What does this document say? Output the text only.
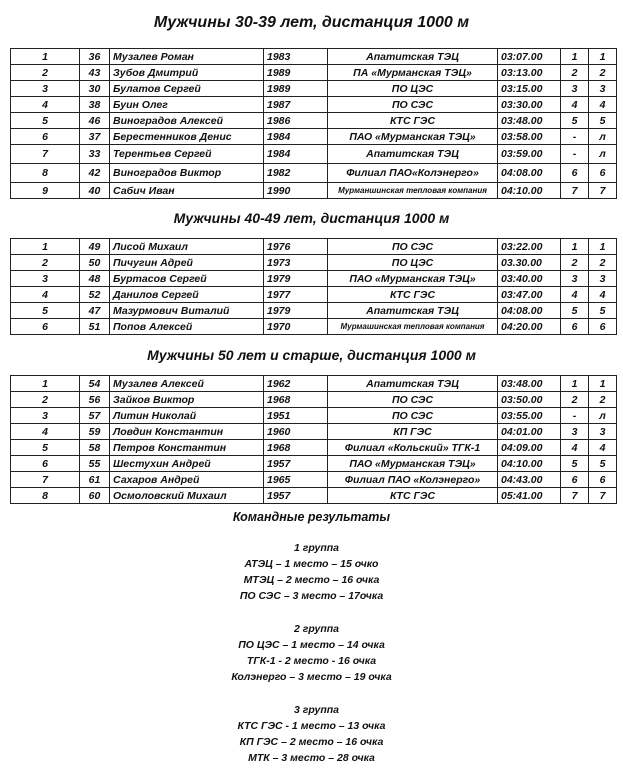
Мужчины 30-39 лет, дистанция 1000 м
Мужчины 40-49 лет, дистанция 1000 м
Мужчины 50 лет и старше, дистанция 1000 м
1	36	Музалев Роман	1983	Апатитская ТЭЦ	03:07.00	1	1
2	43	Зубов Дмитрий	1989	ПА «Мурманская ТЭЦ»	03:13.00	2	2
3	30	Булатов Сергей	1989	ПО ЦЭС	03:15.00	3	3
4	38	Буин Олег	1987	ПО СЭС	03:30.00	4	4
5	46	Виноградов Алексей	1986	КТС ГЭС	03:48.00	5	5
6	37	Берестенников Денис	1984	ПАО «Мурманская ТЭЦ»	03:58.00	-	л
7	33	Терентьев Сергей	1984	Апатитская ТЭЦ	03:59.00	-	л
8	42	Виноградов Виктор	1982	Филиал ПАО«Колэнерго»	04:08.00	6	6
9	40	Сабич Иван	1990	Мурманшинская тепловая компания	04:10.00	7	7
1	49	Лисой Михаил	1976	ПО СЭС	03:22.00	1	1
2	50	Пичугин Адрей	1973	ПО ЦЭС	03.30.00	2	2
3	48	Буртасов Сергей	1979	ПАО «Мурманская ТЭЦ»	03:40.00	3	3
4	52	Данилов Сергей	1977	КТС ГЭС	03:47.00	4	4
5	47	Мазурмович Виталий	1979	Апатитская ТЭЦ	04:08.00	5	5
6	51	Попов Алексей	1970	Мурмашинская тепловая компания	04:20.00	6	6
1	54	Музалев Алексей	1962	Апатитская ТЭЦ	03:48.00	1	1
2	56	Зайков Виктор	1968	ПО СЭС	03:50.00	2	2
3	57	Литин Николай	1951	ПО СЭС	03:55.00	-	л
4	59	Ловдин Константин	1960	КП ГЭС	04:01.00	3	3
5	58	Петров Константин	1968	Филиал «Кольский» ТГК-1	04:09.00	4	4
6	55	Шестухин Андрей	1957	ПАО «Мурманская ТЭЦ»	04:10.00	5	5
7	61	Сахаров Андрей	1965	Филиал ПАО «Колэнерго»	04:43.00	6	6
8	60	Осмоловский Михаил	1957	КТС ГЭС	05:41.00	7	7
Командные результаты
1 группа
АТЭЦ – 1 место – 15 очко
МТЭЦ – 2 место – 16 очка
ПО СЭС – 3 место – 17очка
2 группа
ПО ЦЭС – 1 место – 14 очка
ТГК-1 - 2 место - 16 очка
Колэнерго – 3 место – 19 очка
3 группа
КТС ГЭС - 1 место – 13 очка
КП ГЭС – 2 место – 16 очка
МТК – 3 место – 28 очка
